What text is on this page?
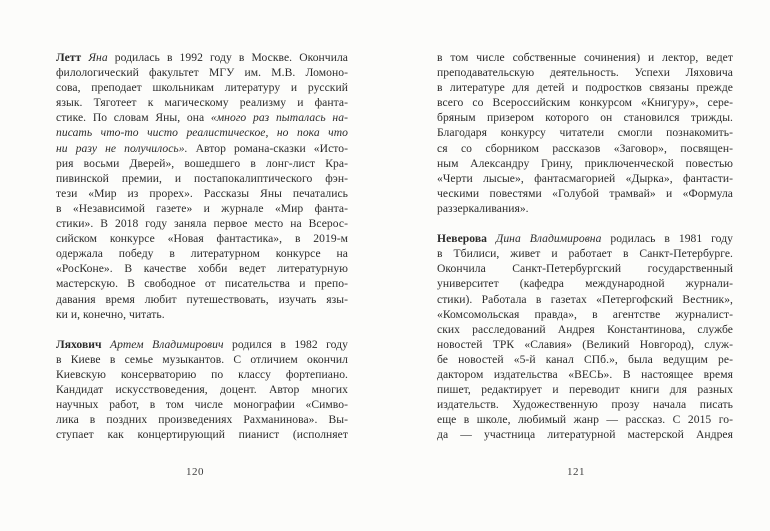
Летт Яна родилась в 1992 году в Москве. Окончила
филологический факультет МГУ им. М.В. Ломоно-
сова, преподает школьникам литературу и русский
язык. Тяготеет к магическому реализму и фанта-
стике. По словам Яны, она «много раз пыталась на-
писать что-то чисто реалистическое, но пока что
ни разу не получилось». Автор романа-сказки «Исто-
рия восьми Дверей», вошедшего в лонг-лист Кра-
пивинской премии, и постапокалиптического фэн-
тези «Мир из прорех». Рассказы Яны печатались
в «Независимой газете» и журнале «Мир фанта-
стики». В 2018 году заняла первое место на Всерос-
сийском конкурсе «Новая фантастика», в 2019-м
одержала победу в литературном конкурсе на
«РосКоне». В качестве хобби ведет литературную
мастерскую. В свободное от писательства и препо-
давания время любит путешествовать, изучать язы-
ки и, конечно, читать.

Ляхович Артем Владимирович родился в 1982 году
в Киеве в семье музыкантов. С отличием окончил
Киевскую консерваторию по классу фортепиано.
Кандидат искусствоведения, доцент. Автор многих
научных работ, в том числе монографии «Симво-
лика в поздних произведениях Рахманинова». Вы-
ступает как концертирующий пианист (исполняет
120
в том числе собственные сочинения) и лектор, ведет
преподавательскую деятельность. Успехи Ляховича
в литературе для детей и подростков связаны прежде
всего со Всероссийским конкурсом «Книгуру», сере-
бряным призером которого он становился трижды.
Благодаря конкурсу читатели смогли познакомить-
ся со сборником рассказов «Заговор», посвящен-
ным Александру Грину, приключенческой повестью
«Черти лысые», фантасмагорией «Дырка», фантасти-
ческими повестями «Голубой трамвай» и «Формула
раззеркаливания».

Неверова Дина Владимировна родилась в 1981 году
в Тбилиси, живет и работает в Санкт-Петербурге.
Окончила Санкт-Петербургский государственный
университет (кафедра международной журнали-
стики). Работала в газетах «Петергофский Вестник»,
«Комсомольская правда», в агентстве журналист-
ских расследований Андрея Константинова, службе
новостей ТРК «Славия» (Великий Новгород), служ-
бе новостей «5-й канал СПб.», была ведущим ре-
дактором издательства «ВЕСЬ». В настоящее время
пишет, редактирует и переводит книги для разных
издательств. Художественную прозу начала писать
еще в школе, любимый жанр — рассказ. С 2015 го-
да — участница литературной мастерской Андрея
121
